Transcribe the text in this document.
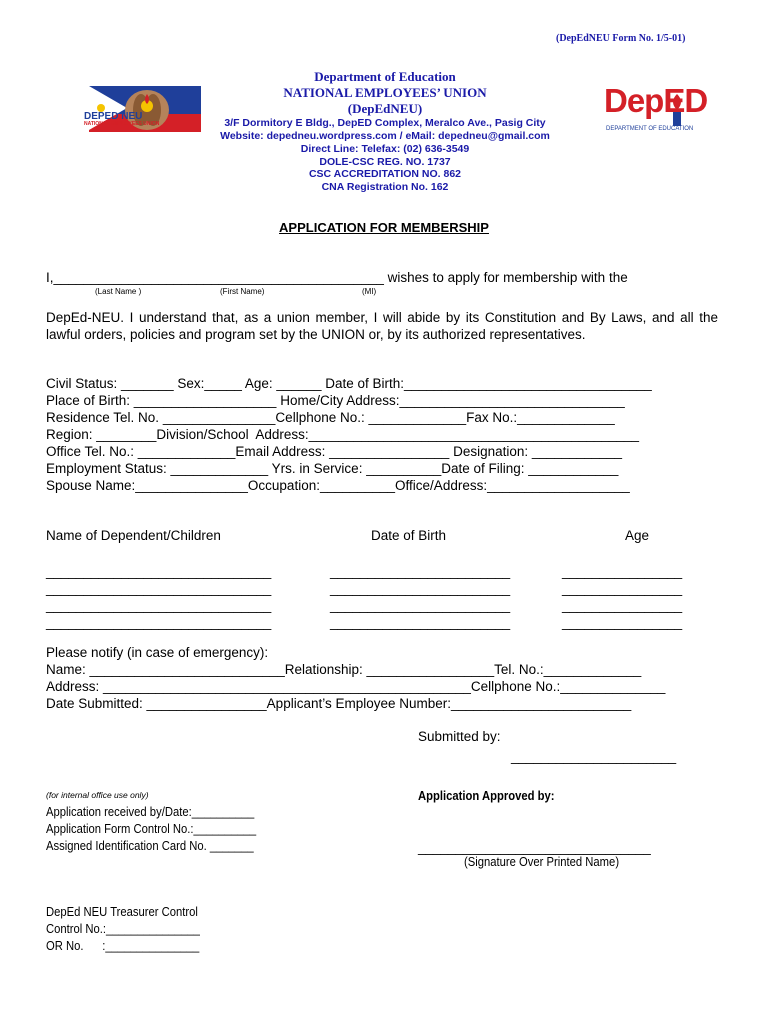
(DepEdNEU Form No. 1/5-01)

DEPED NEU

NATIONAL EMPLOYEES UNION

Department of Education
NATIONAL EMPLOYEES’ UNION
(DepEdNEU)
3/F Dormitory E Bldg., DepED Complex, Meralco Ave., Pasig City
Website: depedneu.wordpress.com / eMail: depedneu@gmail.com
Direct Line: Telefax: (02) 636-3549
DOLE-CSC REG. NO. 1737
CSC ACCREDITATION NO. 862
CNA Registration No. 162

DepED

DEPARTMENT OF EDUCATION

APPLICATION FOR MEMBERSHIP
I,____________________________________________ wishes to apply for membership with the
(Last Name )	(First Name)	(MI)
DepEd-NEU. I understand that, as a union member, I will abide by its Constitution and By Laws, and all the lawful orders, policies and program set by the UNION or, by its authorized representatives.
Civil Status: _______ Sex:_____ Age: ______ Date of Birth:_________________________________
Place of Birth: ___________________ Home/City Address:______________________________
Residence Tel. No. _______________Cellphone No.: _____________Fax No.:_____________
Region: ________Division/School  Address:____________________________________________
Office Tel. No.: _____________Email Address: ________________ Designation: ____________
Employment Status: _____________ Yrs. in Service: __________Date of Filing: ____________
Spouse Name:_______________Occupation:__________Office/Address:___________________
Name of Dependent/Children	Date of Birth	Age
______________________________	________________________	________________
______________________________	________________________	________________
______________________________	________________________	________________
______________________________	________________________	________________
Please notify (in case of emergency):
Name: __________________________Relationship: _________________Tel. No.:_____________
Address: _________________________________________________Cellphone No.:______________
Date Submitted: ________________Applicant’s Employee Number:________________________
Submitted by:
______________________
(for internal office use only)
Application received by/Date:__________
Application Form Control No.:__________
Assigned Identification Card No. _______
Application Approved by:
_______________________________
(Signature Over Printed Name)
DepEd NEU Treasurer Control
Control No.:_______________
OR No.      :_______________
